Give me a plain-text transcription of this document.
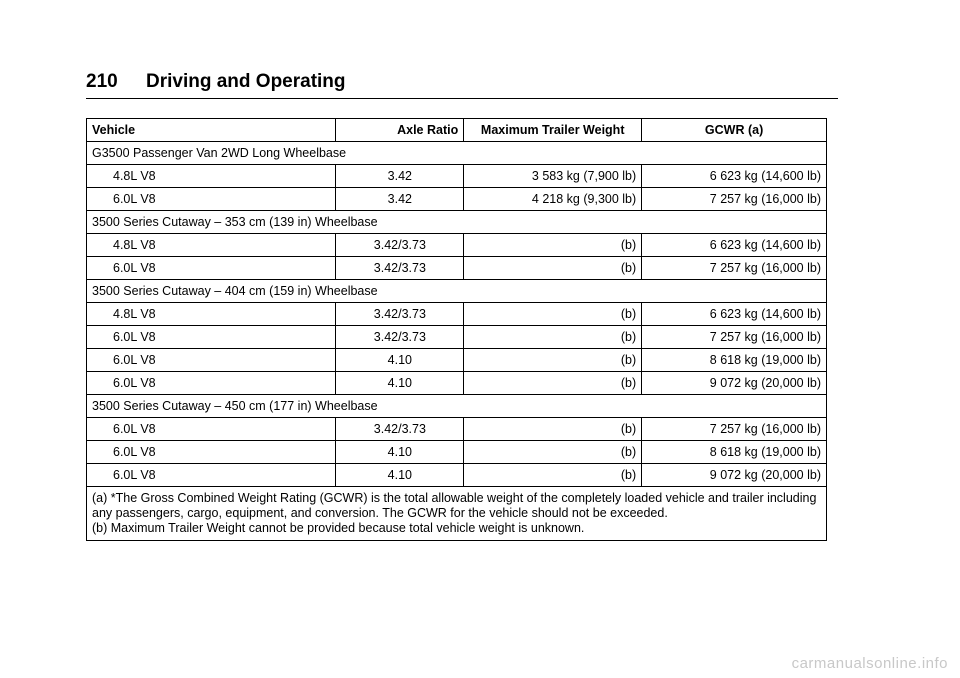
210 Driving and Operating
Vehicle	Axle Ratio	Maximum Trailer Weight	GCWR (a)
G3500 Passenger Van 2WD Long Wheelbase			
4.8L V8	3.42	3 583 kg (7,900 lb)	6 623 kg (14,600 lb)
6.0L V8	3.42	4 218 kg (9,300 lb)	7 257 kg (16,000 lb)
3500 Series Cutaway – 353 cm (139 in) Wheelbase			
4.8L V8	3.42/3.73	(b)	6 623 kg (14,600 lb)
6.0L V8	3.42/3.73	(b)	7 257 kg (16,000 lb)
3500 Series Cutaway – 404 cm (159 in) Wheelbase			
4.8L V8	3.42/3.73	(b)	6 623 kg (14,600 lb)
6.0L V8	3.42/3.73	(b)	7 257 kg (16,000 lb)
6.0L V8	4.10	(b)	8 618 kg (19,000 lb)
6.0L V8	4.10	(b)	9 072 kg (20,000 lb)
3500 Series Cutaway – 450 cm (177 in) Wheelbase			
6.0L V8	3.42/3.73	(b)	7 257 kg (16,000 lb)
6.0L V8	4.10	(b)	8 618 kg (19,000 lb)
6.0L V8	4.10	(b)	9 072 kg (20,000 lb)

(a) *The Gross Combined Weight Rating (GCWR) is the total allowable weight of the completely loaded vehicle and trailer including any passengers, cargo, equipment, and conversion. The GCWR for the vehicle should not be exceeded.
(b) Maximum Trailer Weight cannot be provided because total vehicle weight is unknown.			
carmanualsonline.info
